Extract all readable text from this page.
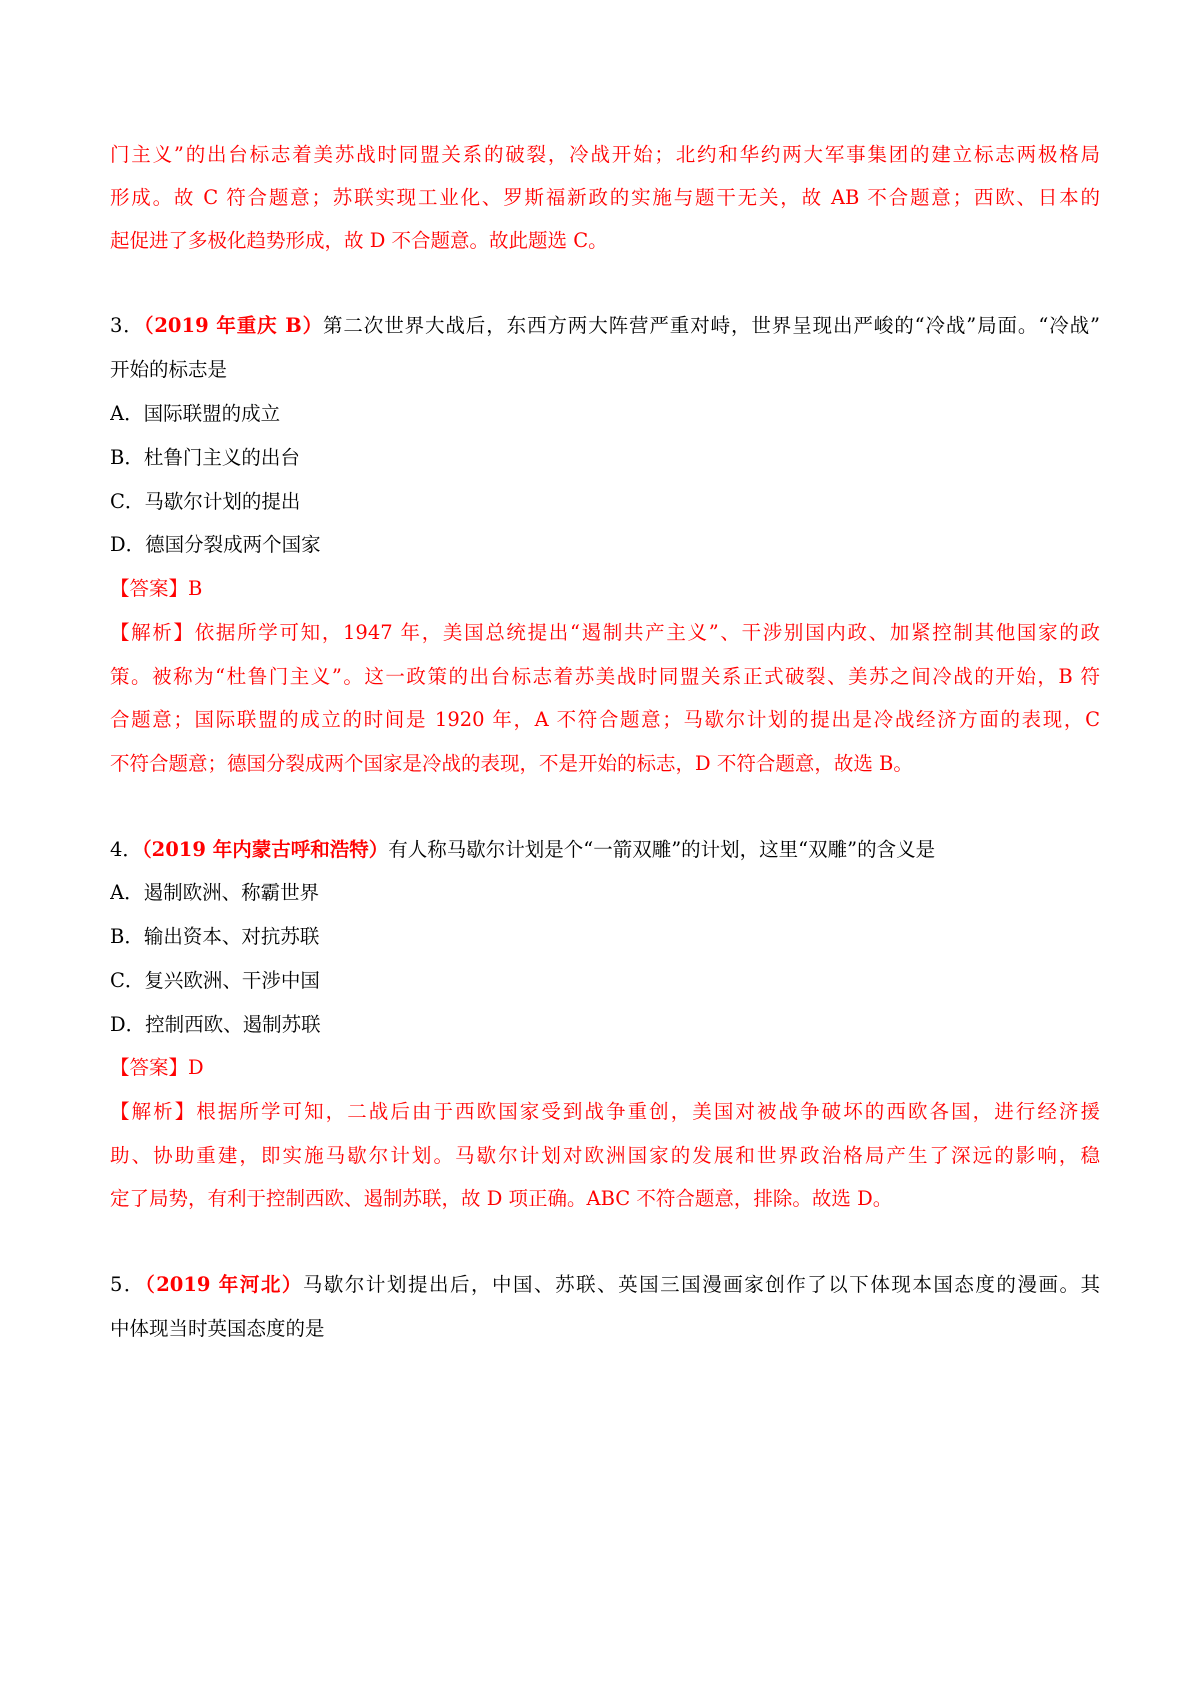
门主义”的出台标志着美苏战时同盟关系的破裂，冷战开始；北约和华约两大军事集团的建立标志两极格局
形成。故 C 符合题意；苏联实现工业化、罗斯福新政的实施与题干无关，故 AB 不合题意；西欧、日本的
起促进了多极化趋势形成，故 D 不合题意。故此题选 C。
3．（2019 年重庆 B）第二次世界大战后，东西方两大阵营严重对峙，世界呈现出严峻的“冷战”局面。“冷战”
开始的标志是
A．国际联盟的成立
B．杜鲁门主义的出台
C．马歇尔计划的提出
D．德国分裂成两个国家
【答案】B
【解析】依据所学可知，1947 年，美国总统提出“遏制共产主义”、干涉别国内政、加紧控制其他国家的政
策。被称为“杜鲁门主义”。这一政策的出台标志着苏美战时同盟关系正式破裂、美苏之间冷战的开始，B 符
合题意；国际联盟的成立的时间是 1920 年，A 不符合题意；马歇尔计划的提出是冷战经济方面的表现，C
不符合题意；德国分裂成两个国家是冷战的表现，不是开始的标志，D 不符合题意，故选 B。
4．（2019 年内蒙古呼和浩特）有人称马歇尔计划是个“一箭双雕”的计划，这里“双雕”的含义是
A．遏制欧洲、称霸世界
B．输出资本、对抗苏联
C．复兴欧洲、干涉中国
D．控制西欧、遏制苏联
【答案】D
【解析】根据所学可知，二战后由于西欧国家受到战争重创，美国对被战争破坏的西欧各国，进行经济援
助、协助重建，即实施马歇尔计划。马歇尔计划对欧洲国家的发展和世界政治格局产生了深远的影响，稳
定了局势，有利于控制西欧、遏制苏联，故 D 项正确。ABC 不符合题意，排除。故选 D。
5．（2019 年河北）马歇尔计划提出后，中国、苏联、英国三国漫画家创作了以下体现本国态度的漫画。其
中体现当时英国态度的是
